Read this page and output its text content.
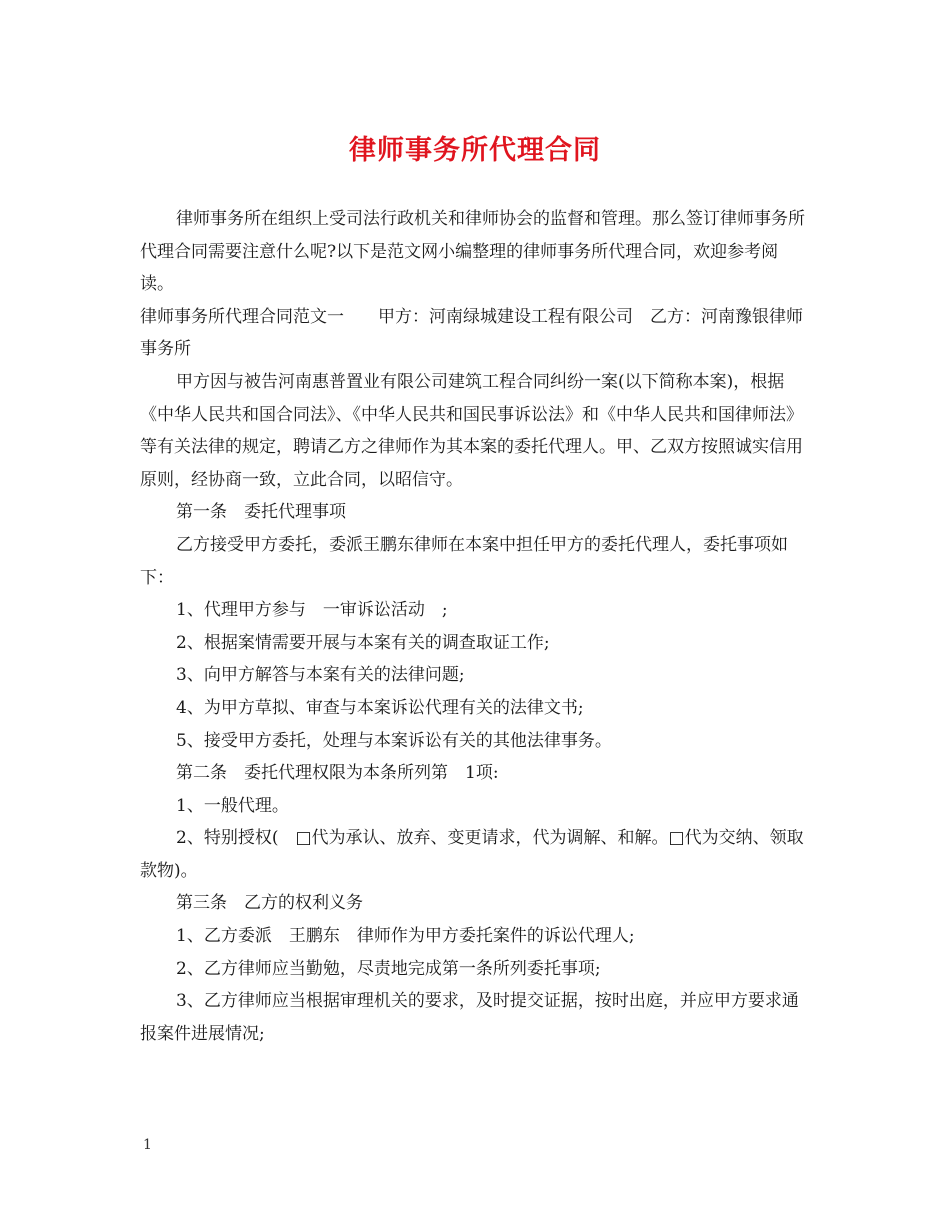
律师事务所代理合同

律师事务所在组织上受司法行政机关和律师协会的监督和管理。那么签订律师事务所代理合同需要注意什么呢?以下是范文网小编整理的律师事务所代理合同，欢迎参考阅读。

律师事务所代理合同范文一　　甲方：河南绿城建设工程有限公司　乙方：河南豫银律师事务所

甲方因与被告河南惠普置业有限公司建筑工程合同纠纷一案(以下简称本案)，根据《中华人民共和国合同法》、《中华人民共和国民事诉讼法》和《中华人民共和国律师法》等有关法律的规定，聘请乙方之律师作为其本案的委托代理人。甲、乙双方按照诚实信用原则，经协商一致，立此合同，以昭信守。

第一条　委托代理事项

乙方接受甲方委托，委派王鹏东律师在本案中担任甲方的委托代理人，委托事项如下：

1、代理甲方参与　一审诉讼活动　;

2、根据案情需要开展与本案有关的调查取证工作;

3、向甲方解答与本案有关的法律问题;

4、为甲方草拟、审查与本案诉讼代理有关的法律文书;

5、接受甲方委托，处理与本案诉讼有关的其他法律事务。

第二条　委托代理权限为本条所列第　1项:

1、一般代理。

2、特别授权(　□代为承认、放弃、变更请求，代为调解、和解。□代为交纳、领取款物)。

第三条　乙方的权利义务

1、乙方委派　王鹏东　律师作为甲方委托案件的诉讼代理人;

2、乙方律师应当勤勉，尽责地完成第一条所列委托事项;

3、乙方律师应当根据审理机关的要求，及时提交证据，按时出庭，并应甲方要求通报案件进展情况;

1
